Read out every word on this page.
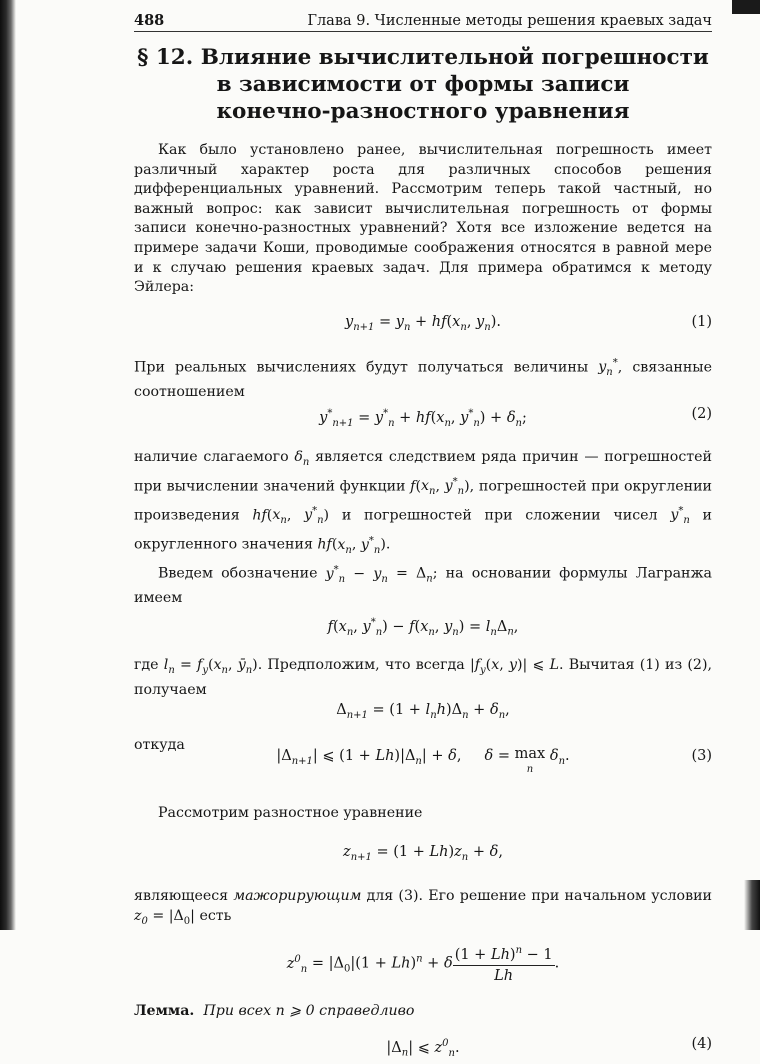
488	Глава 9. Численные методы решения краевых задач
§ 12. Влияние вычислительной погрешности
в зависимости от формы записи
конечно-разностного уравнения

Как было установлено ранее, вычислительная погрешность имеет различный характер роста для различных способов решения дифференциальных уравнений. Рассмотрим теперь такой частный, но важный вопрос: как зависит вычислительная погрешность от формы записи конечно-разностных уравнений? Хотя все изложение ведется на примере задачи Коши, проводимые соображения относятся в равной мере и к случаю решения краевых задач. Для примера обратимся к методу Эйлера:

$y_{n+1} = y_n + hf(x_n$, $y_n$).	(1)

При реальных вычислениях будут получаться величины $y_n^*$, связанные соотношением

$y^*_{n+1} = y^*_n + hf(x_n$, $y^*_n) + \delta_n$;	(2)

наличие слагаемого $\delta_n$ является следствием ряда причин — погрешностей при вычислении значений функции $f(x_n$, $y^*_n$), погрешностей при округлении произведения $hf(x_n$, $y^*_n$) и погрешностей при сложении чисел $y^*_n$ и округленного значения $hf(x_n$, $y^*_n$).

Введем обозначение $y^*_n - y_n = \Delta_n$; на основании формулы Лагранжа имеем

$f(x_n$, $y^*_n) - f(x_n$, $y_n) = l_n\Delta_n$,

где $l_n = f_y(x_n$, $ȳ_n$). Предположим, что всегда $|f_y(x$, y)| ⩽ L. Вычитая (1) из (2), получаем

$\Delta_{n+1} = (1 + l_nh)\Delta_n + \delta_n$,

откуда

$|\Delta_{n+1}|$ ⩽ $(1 + Lh)|\Delta_n| + \delta$,     δ = max
n
$\delta_n$.	(3)

Рассмотрим разностное уравнение

$z_{n+1} = (1 + Lh)z_n + \delta$,

являющееся мажорирующим для (3). Его решение при начальном условии $z_0 = |\Delta_0|$ есть

$z^0_n = |\Delta_0|(1 + Lh)^n + \delta \frac{(1 + Lh)^n - 1}{Lh}$ .

Лемма. При всех n ⩾ 0 справедливо

$|\Delta_n|$ ⩽ $z^0_n$.	(4)
